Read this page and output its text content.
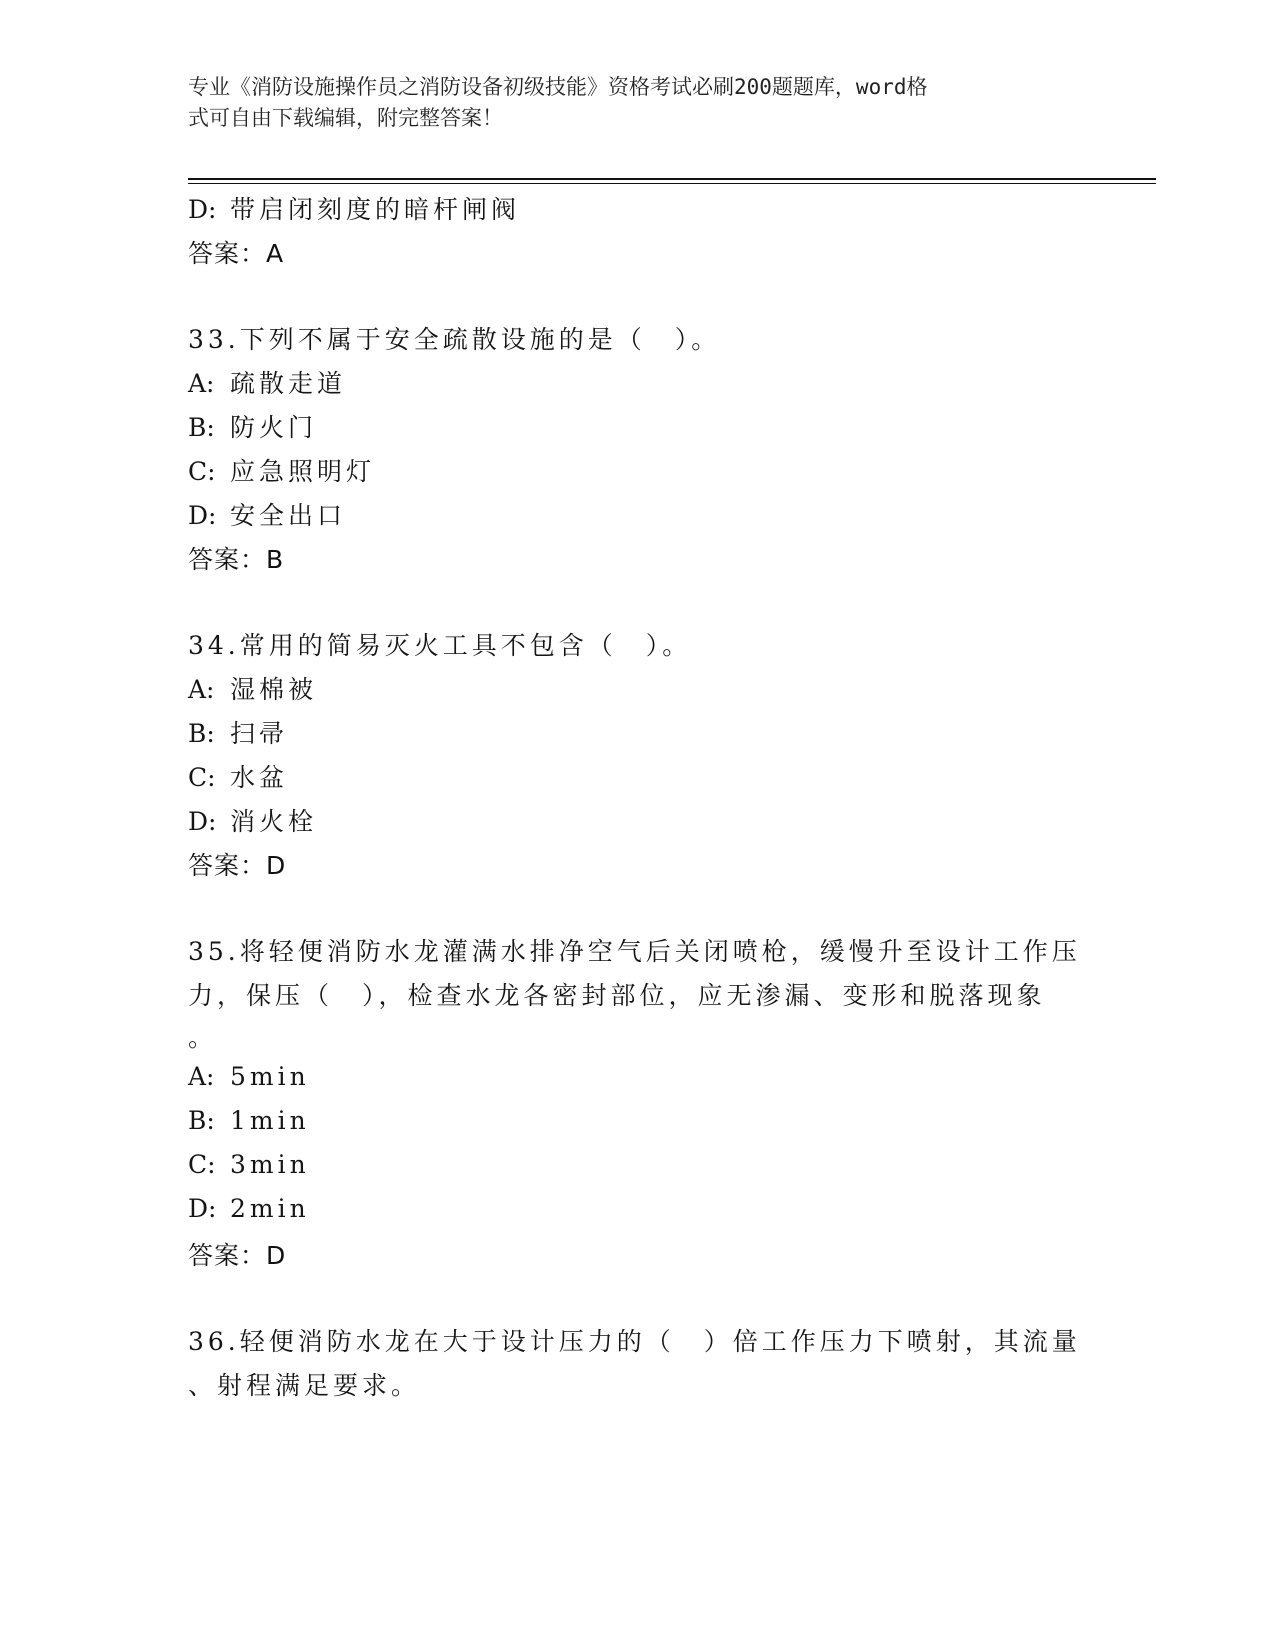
专业《消防设施操作员之消防设备初级技能》资格考试必刷200题题库，word格
式可自由下载编辑，附完整答案！
D: 带启闭刻度的暗杆闸阀
答案：A
33.下列不属于安全疏散设施的是（　）。
A: 疏散走道
B: 防火门
C: 应急照明灯
D: 安全出口
答案：B
34.常用的简易灭火工具不包含（　）。
A: 湿棉被
B: 扫帚
C: 水盆
D: 消火栓
答案：D
35.将轻便消防水龙灌满水排净空气后关闭喷枪，缓慢升至设计工作压
力，保压（　），检查水龙各密封部位，应无渗漏、变形和脱落现象
。
A: 5min
B: 1min
C: 3min
D: 2min
答案：D
36.轻便消防水龙在大于设计压力的（　）倍工作压力下喷射，其流量
、射程满足要求。
